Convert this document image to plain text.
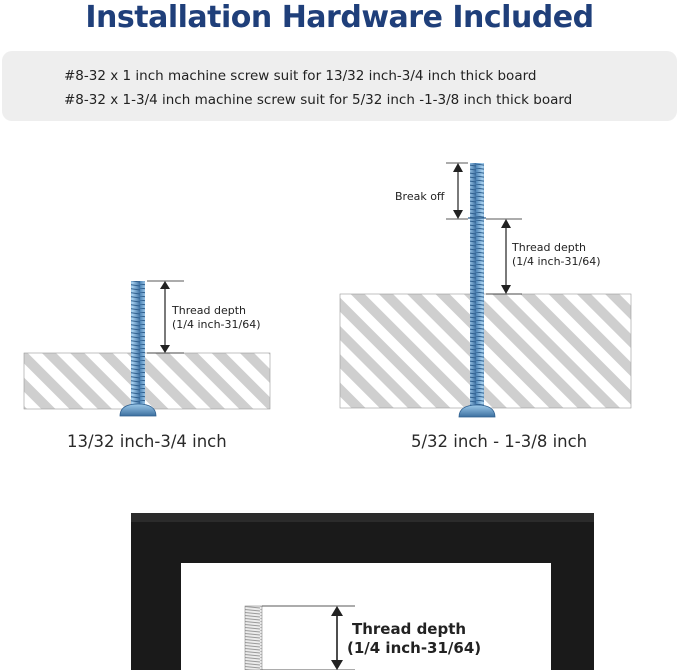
Installation Hardware Included
#8-32 x 1 inch machine screw suit for 13/32 inch-3/4 inch thick board
#8-32 x 1-3/4 inch machine screw suit for 5/32 inch -1-3/8 inch thick board
Thread depth
(1/4 inch-31/64)
13/32 inch-3/4 inch
Break off
Thread depth
(1/4 inch-31/64)
5/32 inch - 1-3/8 inch
Thread depth
(1/4 inch-31/64)
